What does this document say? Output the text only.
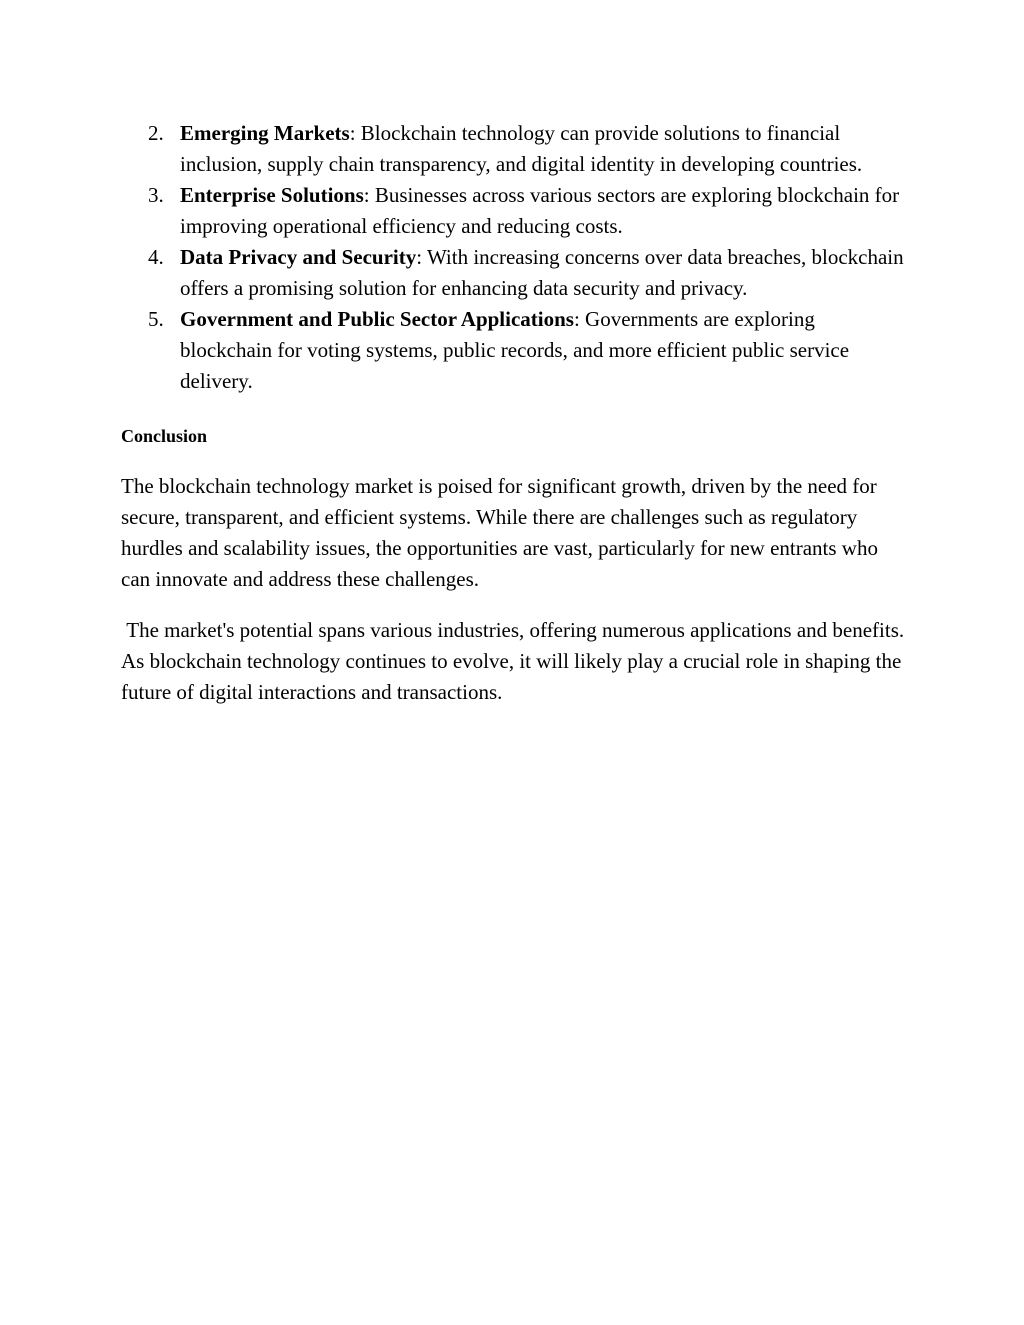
2. Emerging Markets: Blockchain technology can provide solutions to financial inclusion, supply chain transparency, and digital identity in developing countries.
3. Enterprise Solutions: Businesses across various sectors are exploring blockchain for improving operational efficiency and reducing costs.
4. Data Privacy and Security: With increasing concerns over data breaches, blockchain offers a promising solution for enhancing data security and privacy.
5. Government and Public Sector Applications: Governments are exploring blockchain for voting systems, public records, and more efficient public service delivery.
Conclusion

The blockchain technology market is poised for significant growth, driven by the need for secure, transparent, and efficient systems. While there are challenges such as regulatory hurdles and scalability issues, the opportunities are vast, particularly for new entrants who can innovate and address these challenges.

The market's potential spans various industries, offering numerous applications and benefits. As blockchain technology continues to evolve, it will likely play a crucial role in shaping the future of digital interactions and transactions.
